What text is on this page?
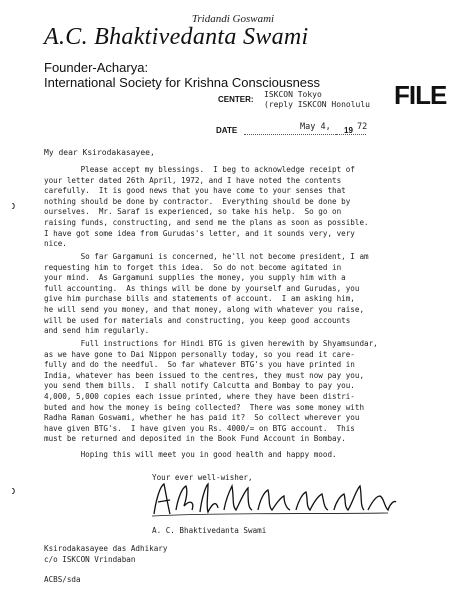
Tridandi Goswami
A.C. Bhaktivedanta Swami
Founder-Acharya:
International Society for Krishna Consciousness	FILE
CENTER:
ISKCON Tokyo
(reply ISKCON Honolulu
DATE	May 4,	19 72
My dear Ksirodakasayee,
Please accept my blessings.  I beg to acknowledge receipt of
your letter dated 26th April, 1972, and I have noted the contents
carefully.  It is good news that you have come to your senses that
nothing should be done by contractor.  Everything should be done by
ourselves.  Mr. Saraf is experienced, so take his help.  So go on
raising funds, constructing, and send me the plans as soon as possible.
I have got some idea from Gurudas's letter, and it sounds very, very
nice.
So far Gargamuni is concerned, he'll not become president, I am
requesting him to forget this idea.  So do not become agitated in
your mind.  As Gargamuni supplies the money, you supply him with a
full accounting.  As things will be done by yourself and Gurudas, you
give him purchase bills and statements of account.  I am asking him,
he will send you money, and that money, along with whatever you raise,
will be used for materials and constructing, you keep good accounts
and send him regularly.
Full instructions for Hindi BTG is given herewith by Shyamsundar,
as we have gone to Dai Nippon personally today, so you read it care-
fully and do the needful.  So far whatever BTG's you have printed in
India, whatever has been issued to the centres, they must now pay you,
you send them bills.  I shall notify Calcutta and Bombay to pay you.
4,000, 5,000 copies each issue printed, where they have been distri-
buted and how the money is being collected?  There was some money with
Radha Raman Goswami, whether he has paid it?  So collect wherever you
have given BTG's.  I have given you Rs. 4000/= on BTG account.  This
must be returned and deposited in the Book Fund Account in Bombay.
Hoping this will meet you in good health and happy mood.
Your ever well-wisher,
A. C. Bhaktivedanta Swami
Ksirodakasayee das Adhikary
c/o ISKCON Vrindaban
ACBS/sda
